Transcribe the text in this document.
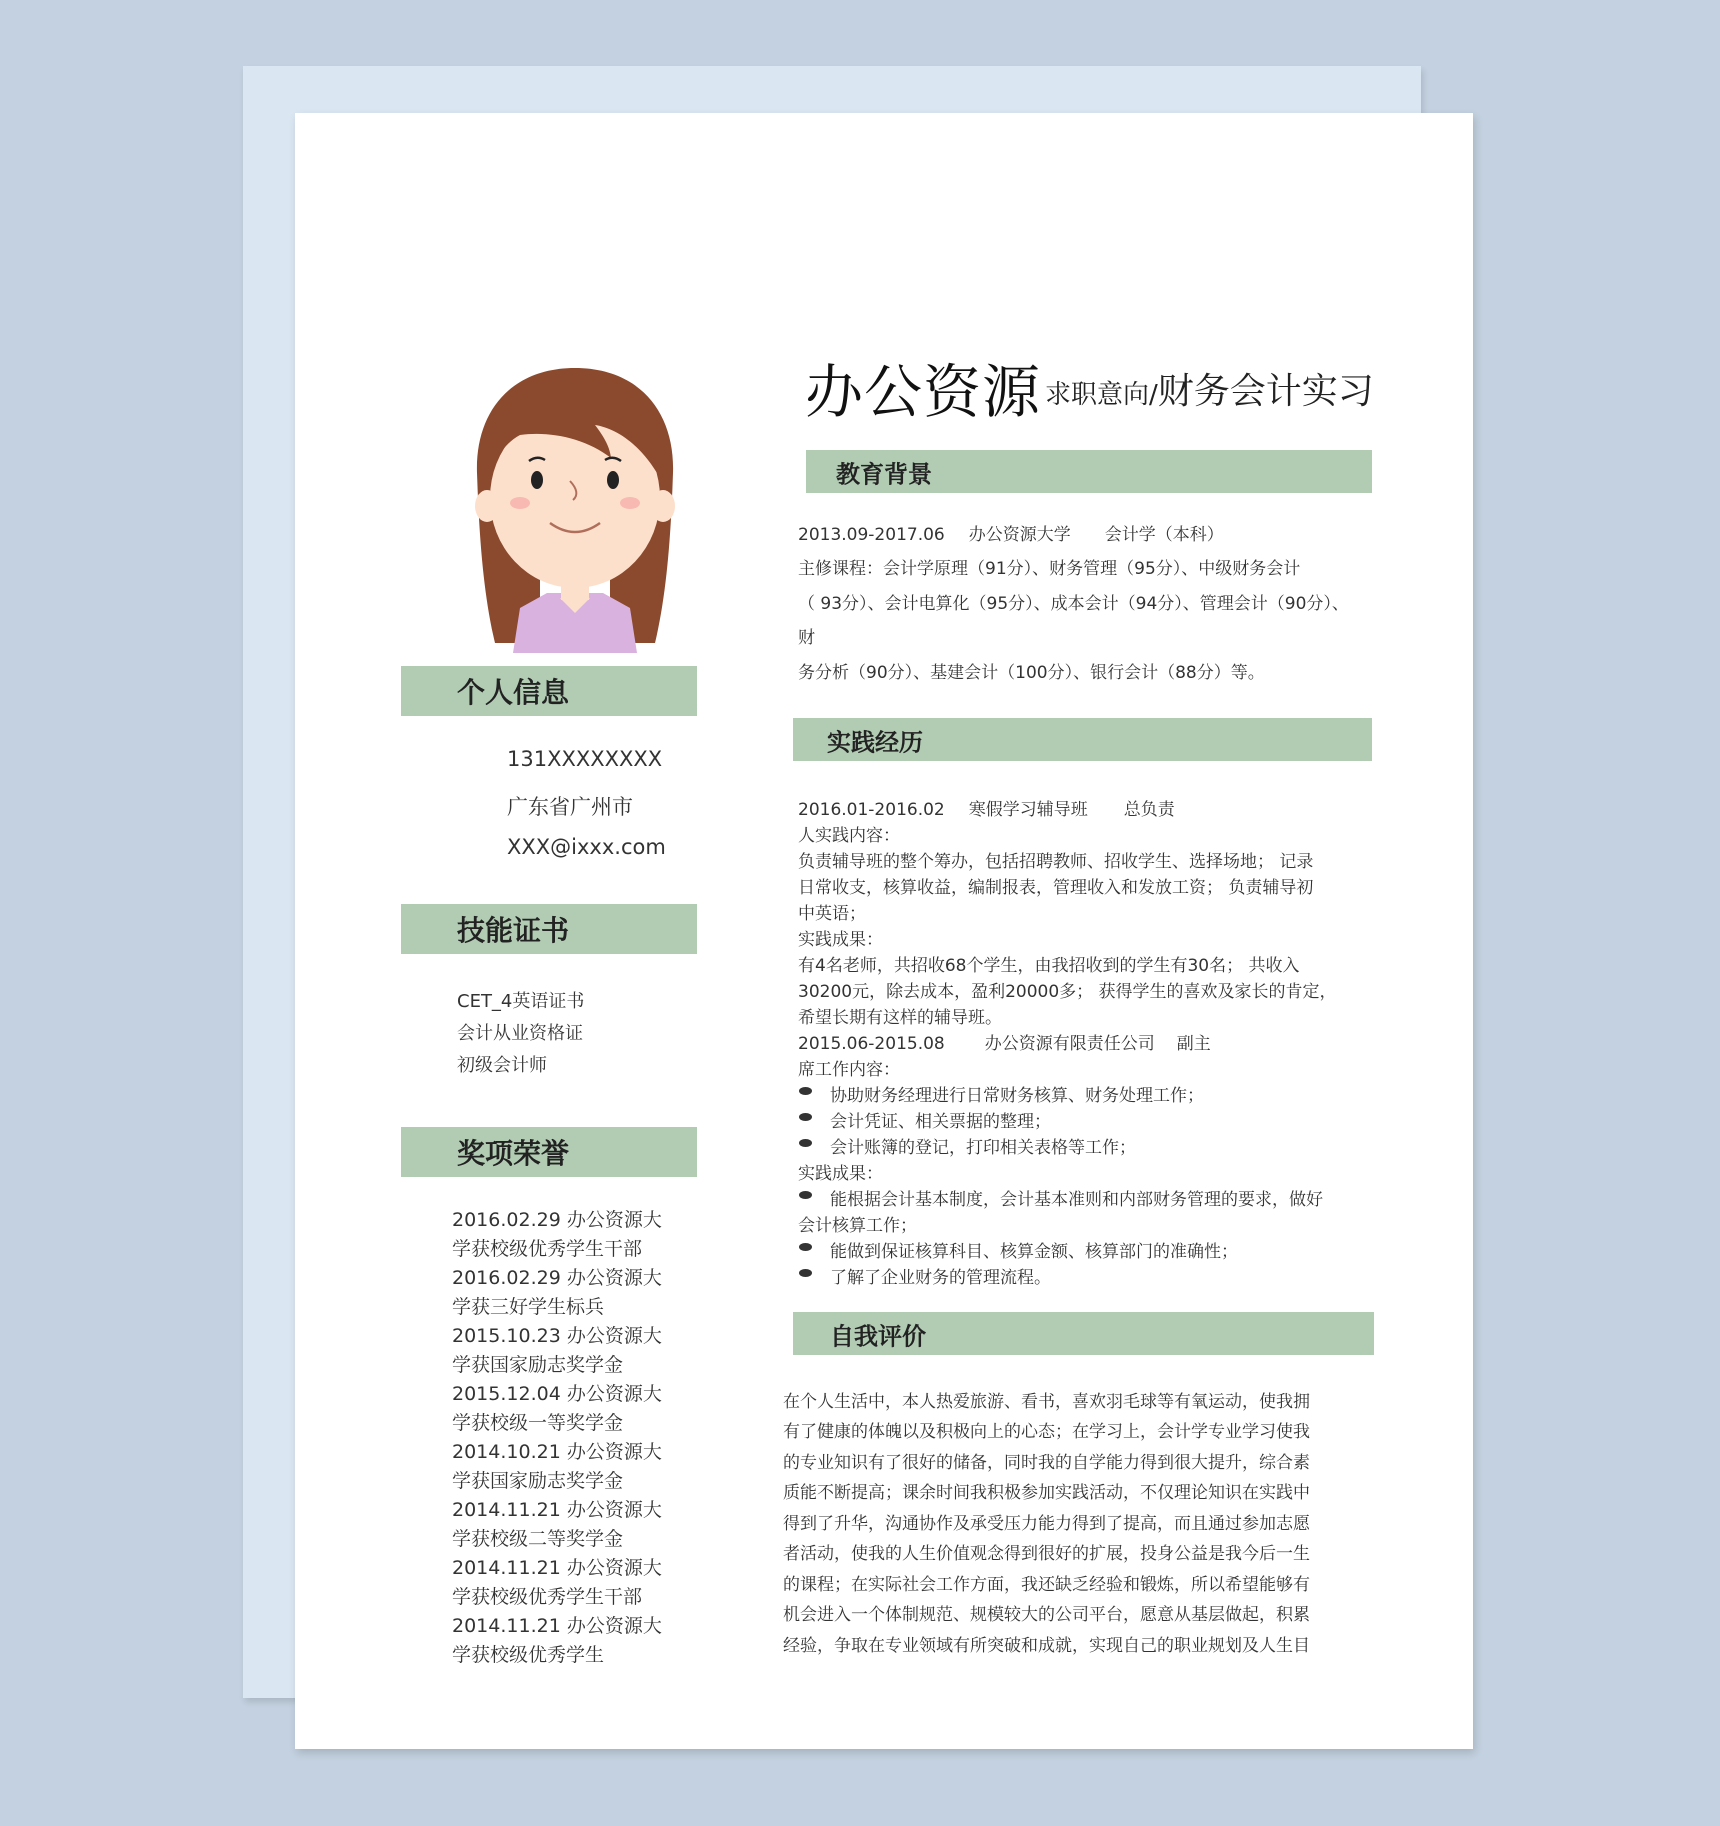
办公资源 求职意向/财务会计实习
个人信息
131XXXXXXXX
广东省广州市
XXX@ixxx.com
技能证书
CET_4英语证书
会计从业资格证
初级会计师
奖项荣誉
2016.02.29 办公资源大
学获校级优秀学生干部
2016.02.29 办公资源大
学获三好学生标兵
2015.10.23 办公资源大
学获国家励志奖学金
2015.12.04 办公资源大
学获校级一等奖学金
2014.10.21 办公资源大
学获国家励志奖学金
2014.11.21 办公资源大
学获校级二等奖学金
2014.11.21 办公资源大
学获校级优秀学生干部
2014.11.21 办公资源大
学获校级优秀学生
教育背景
2013.09-2017.06 办公资源大学 会计学（本科）
主修课程：会计学原理（91分）、财务管理（95分）、中级财务会计
（ 93分）、会计电算化（95分）、成本会计（94分）、管理会计（90分）、
财
务分析（90分）、基建会计（100分）、银行会计（88分）等。
实践经历
2016.01-2016.02 寒假学习辅导班 总负责
人实践内容：
负责辅导班的整个筹办，包括招聘教师、招收学生、选择场地； 记录
日常收支，核算收益，编制报表，管理收入和发放工资； 负责辅导初
中英语；
实践成果：
有4名老师，共招收68个学生，由我招收到的学生有30名； 共收入
30200元，除去成本，盈利20000多； 获得学生的喜欢及家长的肯定，
希望长期有这样的辅导班。
2015.06-2015.08 办公资源有限责任公司 副主
席工作内容：
协助财务经理进行日常财务核算、财务处理工作；
会计凭证、相关票据的整理；
会计账簿的登记，打印相关表格等工作；
实践成果：
能根据会计基本制度，会计基本准则和内部财务管理的要求，做好
会计核算工作；
能做到保证核算科目、核算金额、核算部门的准确性；
了解了企业财务的管理流程。
自我评价
在个人生活中，本人热爱旅游、看书，喜欢羽毛球等有氧运动，使我拥
有了健康的体魄以及积极向上的心态；在学习上，会计学专业学习使我
的专业知识有了很好的储备，同时我的自学能力得到很大提升，综合素
质能不断提高；课余时间我积极参加实践活动，不仅理论知识在实践中
得到了升华，沟通协作及承受压力能力得到了提高，而且通过参加志愿
者活动，使我的人生价值观念得到很好的扩展，投身公益是我今后一生
的课程；在实际社会工作方面，我还缺乏经验和锻炼，所以希望能够有
机会进入一个体制规范、规模较大的公司平台，愿意从基层做起，积累
经验，争取在专业领域有所突破和成就，实现自己的职业规划及人生目
